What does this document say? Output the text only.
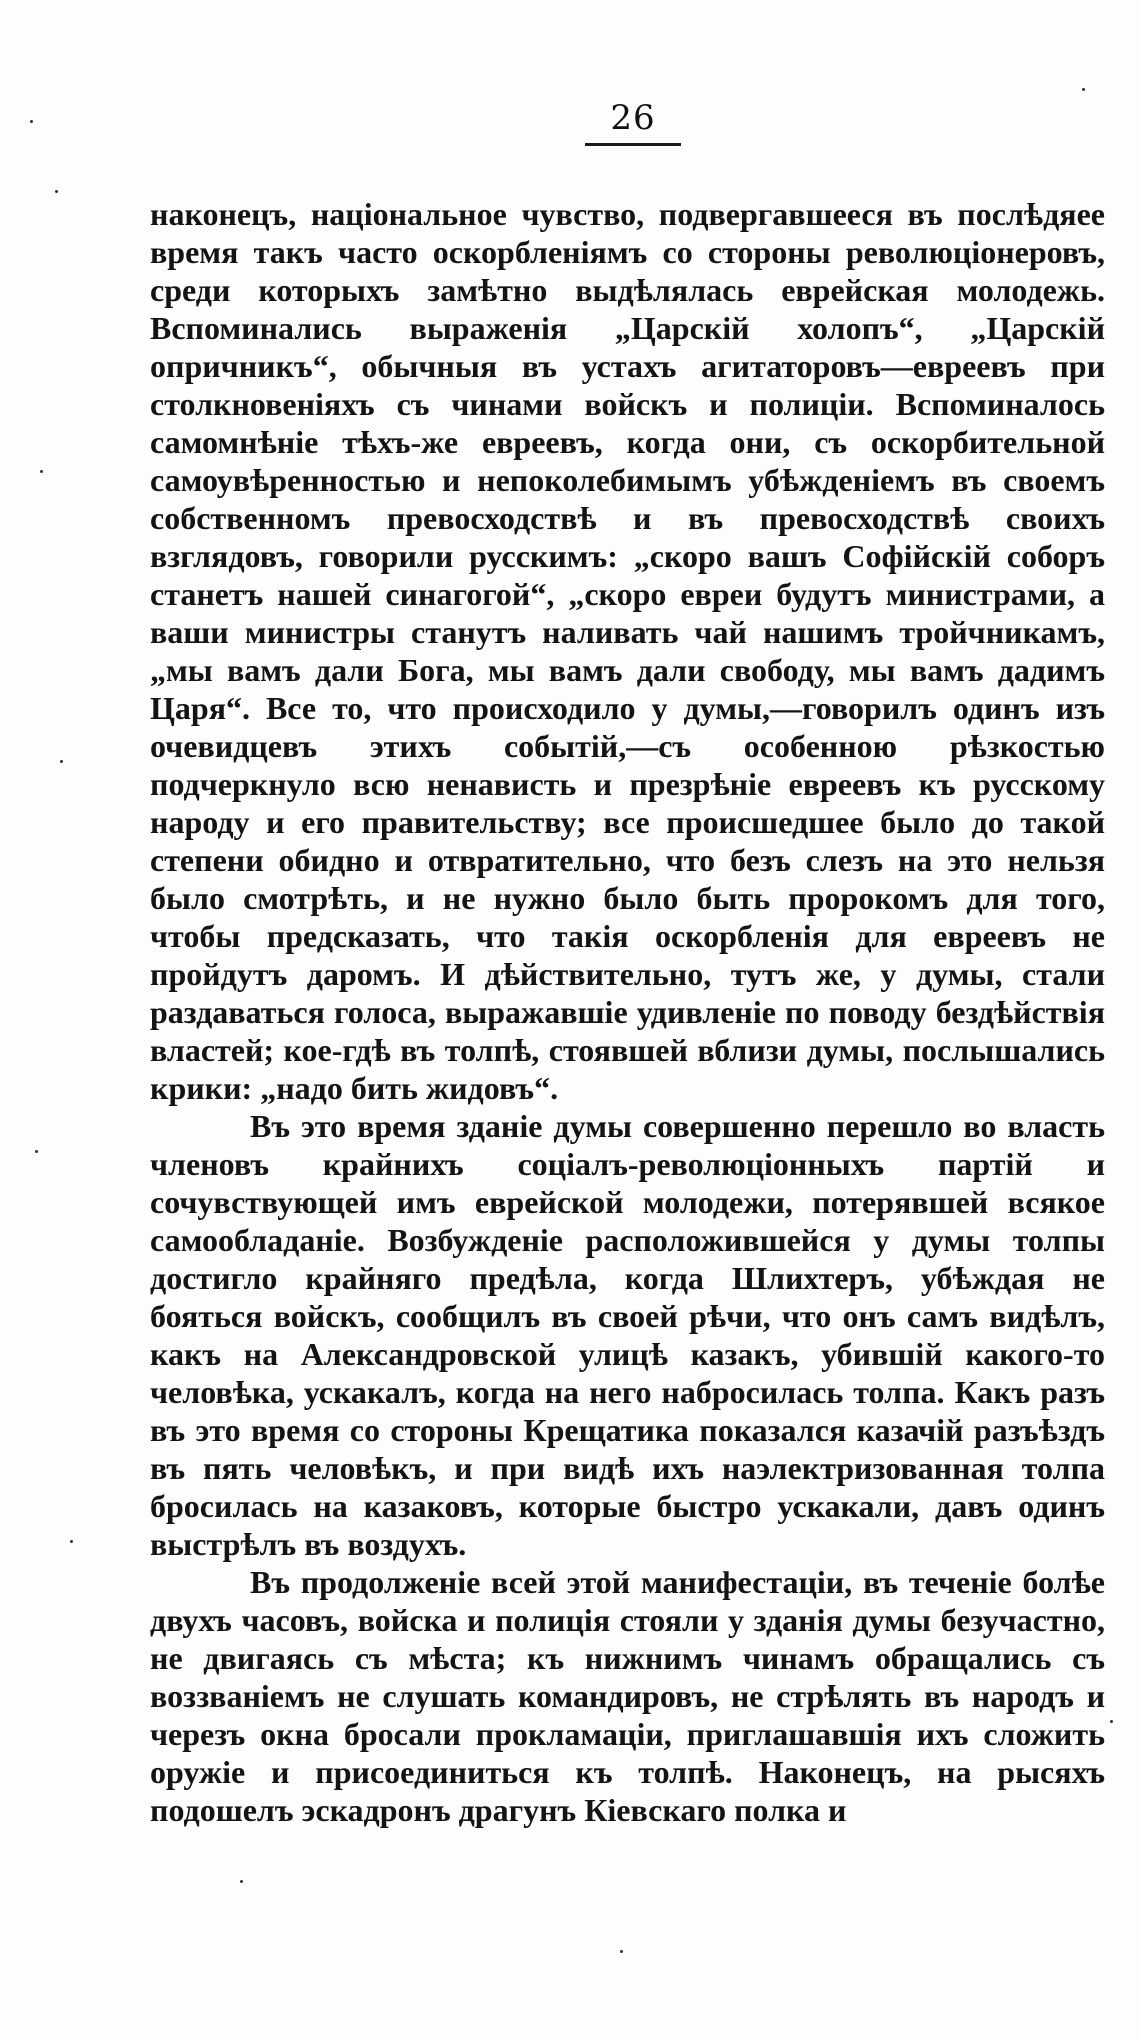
26

наконецъ, національное чувство, подвергавшееся въ послѣдяее время такъ часто оскорбленіямъ со стороны революціонеровъ, среди которыхъ замѣтно выдѣлялась еврейская молодежь. Вспоминались выраженія „Царскій холопъ“, „Царскій опричникъ“, обычныя въ устахъ агитаторовъ—евреевъ при столкновеніяхъ съ чинами войскъ и полиціи. Вспоминалось самомнѣніе тѣхъ-же евреевъ, когда они, съ оскорбительной самоувѣренностью и непоколебимымъ убѣжденіемъ въ своемъ собственномъ превосходствѣ и въ превосходствѣ своихъ взглядовъ, говорили русскимъ: „скоро вашъ Софійскій соборъ станетъ нашей синагогой“, „скоро евреи будутъ министрами, а ваши министры станутъ наливать чай нашимъ тройчникамъ, „мы вамъ дали Бога, мы вамъ дали свободу, мы вамъ дадимъ Царя“. Все то, что происходило у думы,—говорилъ одинъ изъ очевидцевъ этихъ событій,—съ особенною рѣзкостью подчеркнуло всю ненависть и презрѣніе евреевъ къ русскому народу и его правительству; все происшедшее было до такой степени обидно и отвратительно, что безъ слезъ на это нельзя было смотрѣть, и не нужно было быть пророкомъ для того, чтобы предсказать, что такія оскорбленія для евреевъ не пройдутъ даромъ. И дѣйствительно, тутъ же, у думы, стали раздаваться голоса, выражавшіе удивленіе по поводу бездѣйствія властей; кое-гдѣ въ толпѣ, стоявшей вблизи думы, послышались крики: „надо бить жидовъ“.

Въ это время зданіе думы совершенно перешло во власть членовъ крайнихъ соціалъ-революціонныхъ партій и сочувствующей имъ еврейской молодежи, потерявшей всякое самообладаніе. Возбужденіе расположившейся у думы толпы достигло крайняго предѣла, когда Шлихтеръ, убѣждая не бояться войскъ, сообщилъ въ своей рѣчи, что онъ самъ видѣлъ, какъ на Александровской улицѣ казакъ, убившій какого-то человѣка, ускакалъ, когда на него набросилась толпа. Какъ разъ въ это время со стороны Крещатика показался казачій разъѣздъ въ пять человѣкъ, и при видѣ ихъ наэлектризованная толпа бросилась на казаковъ, которые быстро ускакали, давъ одинъ выстрѣлъ въ воздухъ.

Въ продолженіе всей этой манифестаціи, въ теченіе болѣе двухъ часовъ, войска и полиція стояли у зданія думы безучастно, не двигаясь съ мѣста; къ нижнимъ чинамъ обращались съ воззваніемъ не слушать командировъ, не стрѣлять въ народъ и черезъ окна бросали прокламаціи, приглашавшія ихъ сложить оружіе и присоединиться къ толпѣ. Наконецъ, на рысяхъ подошелъ эскадронъ драгунъ Кіевскаго полка и
